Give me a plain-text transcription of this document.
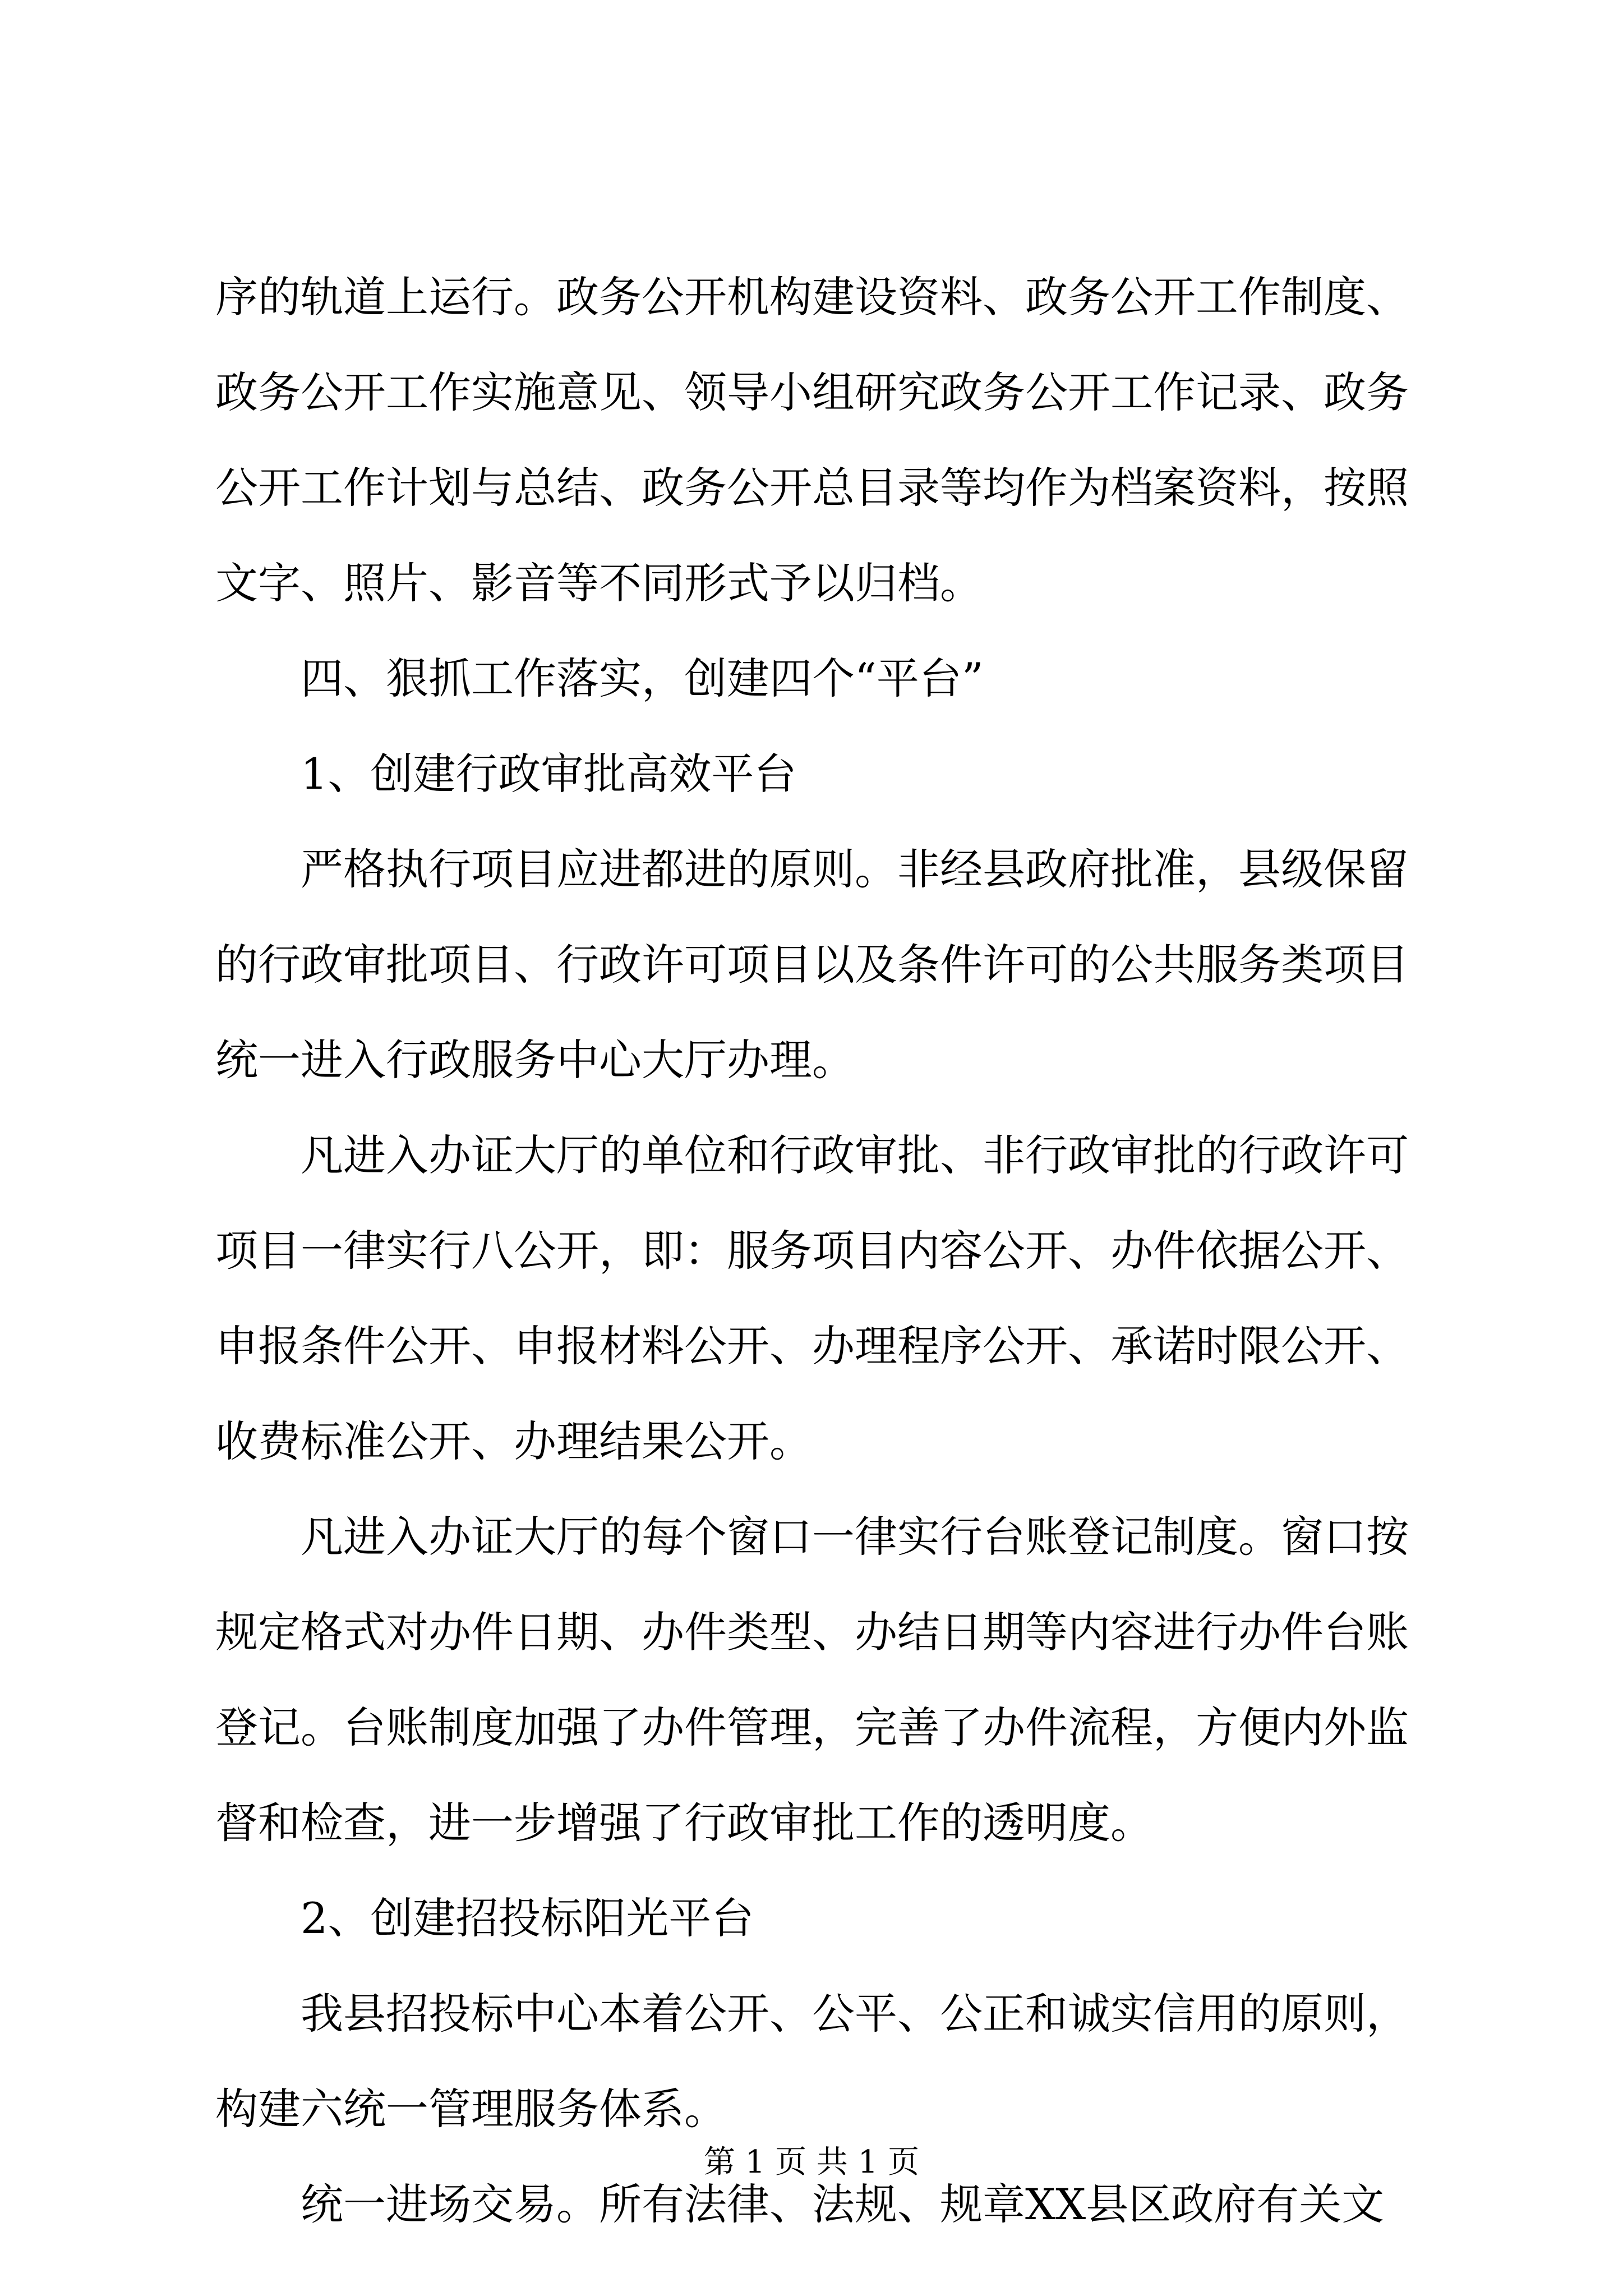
序的轨道上运行。政务公开机构建设资料、政务公开工作制度、
政务公开工作实施意见、领导小组研究政务公开工作记录、政务
公开工作计划与总结、政务公开总目录等均作为档案资料，按照
文字、照片、影音等不同形式予以归档。
四、狠抓工作落实，创建四个“平台”
1、创建行政审批高效平台
严格执行项目应进都进的原则。非经县政府批准，县级保留
的行政审批项目、行政许可项目以及条件许可的公共服务类项目
统一进入行政服务中心大厅办理。
凡进入办证大厅的单位和行政审批、非行政审批的行政许可
项目一律实行八公开，即：服务项目内容公开、办件依据公开、
申报条件公开、申报材料公开、办理程序公开、承诺时限公开、
收费标准公开、办理结果公开。
凡进入办证大厅的每个窗口一律实行台账登记制度。窗口按
规定格式对办件日期、办件类型、办结日期等内容进行办件台账
登记。台账制度加强了办件管理，完善了办件流程，方便内外监
督和检查，进一步增强了行政审批工作的透明度。
2、创建招投标阳光平台
我县招投标中心本着公开、公平、公正和诚实信用的原则，
构建六统一管理服务体系。
统一进场交易。所有法律、法规、规章XX县区政府有关文
第 1 页 共 1 页
